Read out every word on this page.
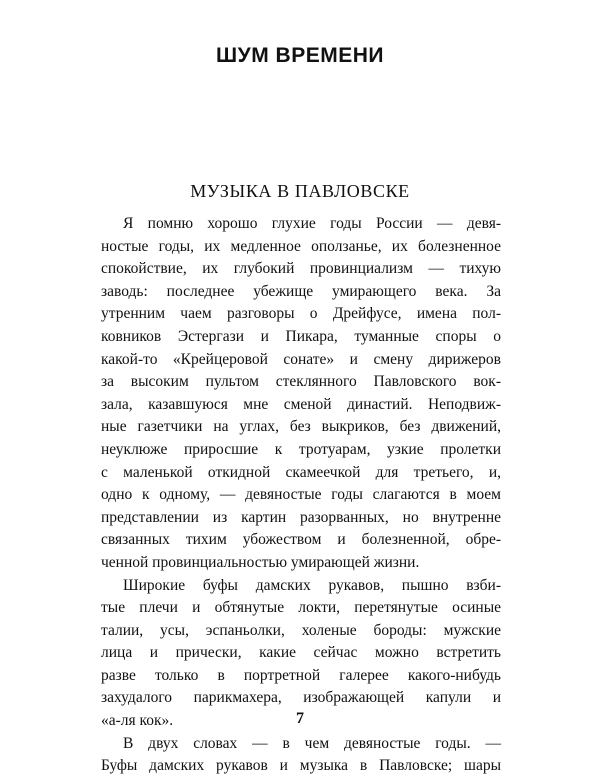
ШУМ ВРЕМЕНИ
МУЗЫКА В ПАВЛОВСКЕ
Я помню хорошо глухие годы России — девя-
ностые годы, их медленное оползанье, их болезненное
спокойствие, их глубокий провинциализм — тихую
заводь: последнее убежище умирающего века. За
утренним чаем разговоры о Дрейфусе, имена пол-
ковников Эстергази и Пикара, туманные споры о
какой-то «Крейцеровой сонате» и смену дирижеров
за высоким пультом стеклянного Павловского вок-
зала, казавшуюся мне сменой династий. Неподвиж-
ные газетчики на углах, без выкриков, без движений,
неуклюже приросшие к тротуарам, узкие пролетки
с маленькой откидной скамеечкой для третьего, и,
одно к одному, — девяностые годы слагаются в моем
представлении из картин разорванных, но внутренне
связанных тихим убожеством и болезненной, обре-
ченной провинциальностью умирающей жизни.
Широкие буфы дамских рукавов, пышно взби-
тые плечи и обтянутые локти, перетянутые осиные
талии, усы, эспаньолки, холеные бороды: мужские
лица и прически, какие сейчас можно встретить
разве только в портретной галерее какого-нибудь
захудалого парикмахера, изображающей капули и
«а-ля кок».
В двух словах — в чем девяностые годы. —
Буфы дамских рукавов и музыка в Павловске; шары
7
